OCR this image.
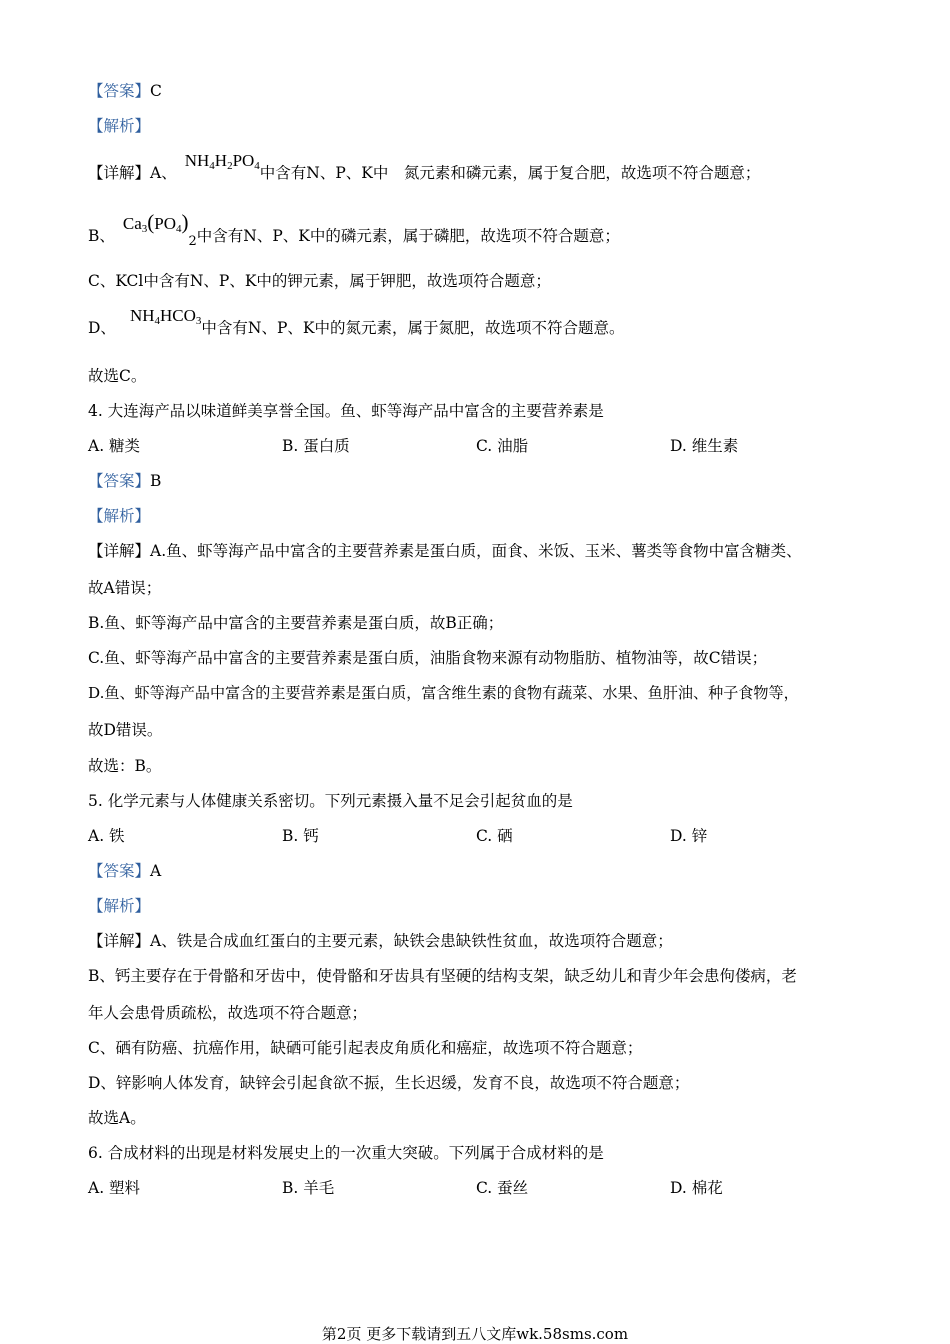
【答案】C
【解析】
【详解】A、$NH_4H_2PO_4$中含有N、P、K中　氮元素和磷元素，属于复合肥，故选项不符合题意；
B、$Ca_3(PO_4)_2$中含有N、P、K中的磷元素，属于磷肥，故选项不符合题意；
C、KCl中含有N、P、K中的钾元素，属于钾肥，故选项符合题意；
D、$NH_4HCO_3$中含有N、P、K中的氮元素，属于氮肥，故选项不符合题意。
故选C。
4. 大连海产品以味道鲜美享誉全国。鱼、虾等海产品中富含的主要营养素是
A. 糖类	B. 蛋白质	C. 油脂	D. 维生素
【答案】B
【解析】
【详解】A.鱼、虾等海产品中富含的主要营养素是蛋白质，面食、米饭、玉米、薯类等食物中富含糖类、
故A错误；
B.鱼、虾等海产品中富含的主要营养素是蛋白质，故B正确；
C.鱼、虾等海产品中富含的主要营养素是蛋白质，油脂食物来源有动物脂肪、植物油等，故C错误；
D.鱼、虾等海产品中富含的主要营养素是蛋白质，富含维生素的食物有蔬菜、水果、鱼肝油、种子食物等，
故D错误。
故选：B。
5. 化学元素与人体健康关系密切。下列元素摄入量不足会引起贫血的是
A. 铁	B. 钙	C. 硒	D. 锌
【答案】A
【解析】
【详解】A、铁是合成血红蛋白的主要元素，缺铁会患缺铁性贫血，故选项符合题意；
B、钙主要存在于骨骼和牙齿中，使骨骼和牙齿具有坚硬的结构支架，缺乏幼儿和青少年会患佝偻病，老
年人会患骨质疏松，故选项不符合题意；
C、硒有防癌、抗癌作用，缺硒可能引起表皮角质化和癌症，故选项不符合题意；
D、锌影响人体发育，缺锌会引起食欲不振，生长迟缓，发育不良，故选项不符合题意；
故选A。
6. 合成材料的出现是材料发展史上的一次重大突破。下列属于合成材料的是
A. 塑料	B. 羊毛	C. 蚕丝	D. 棉花
第2页 更多下载请到五八文库wk.58sms.com
